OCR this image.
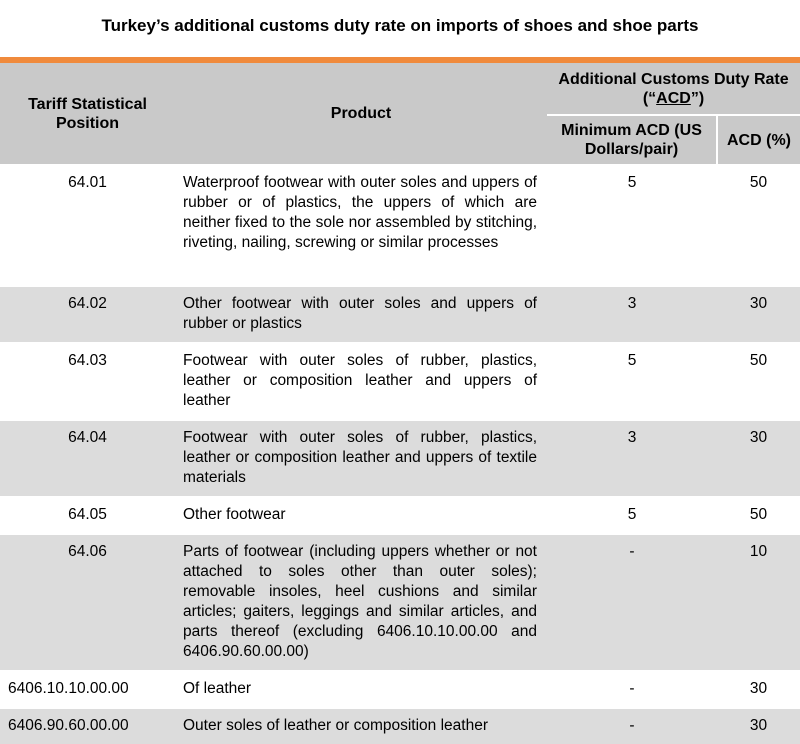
Turkey’s additional customs duty rate on imports of shoes and shoe parts
Tariff Statistical Position	Product	Additional Customs Duty Rate (“ACD”)	
		Minimum ACD (US Dollars/pair)	ACD (%)
64.01	Waterproof footwear with outer soles and uppers of rubber or of plastics, the uppers of which are neither fixed to the sole nor assembled by stitching, riveting, nailing, screwing or similar processes	5	50
64.02	Other footwear with outer soles and uppers of rubber or plastics	3	30
64.03	Footwear with outer soles of rubber, plastics, leather or composition leather and uppers of leather	5	50
64.04	Footwear with outer soles of rubber, plastics, leather or composition leather and uppers of textile materials	3	30
64.05	Other footwear	5	50
64.06	Parts of footwear (including uppers whether or not attached to soles other than outer soles); removable insoles, heel cushions and similar articles; gaiters, leggings and similar articles, and parts thereof (excluding 6406.10.10.00.00 and 6406.90.60.00.00)	-	10
6406.10.10.00.00	Of leather	-	30
6406.90.60.00.00	Outer soles of leather or composition leather	-	30
